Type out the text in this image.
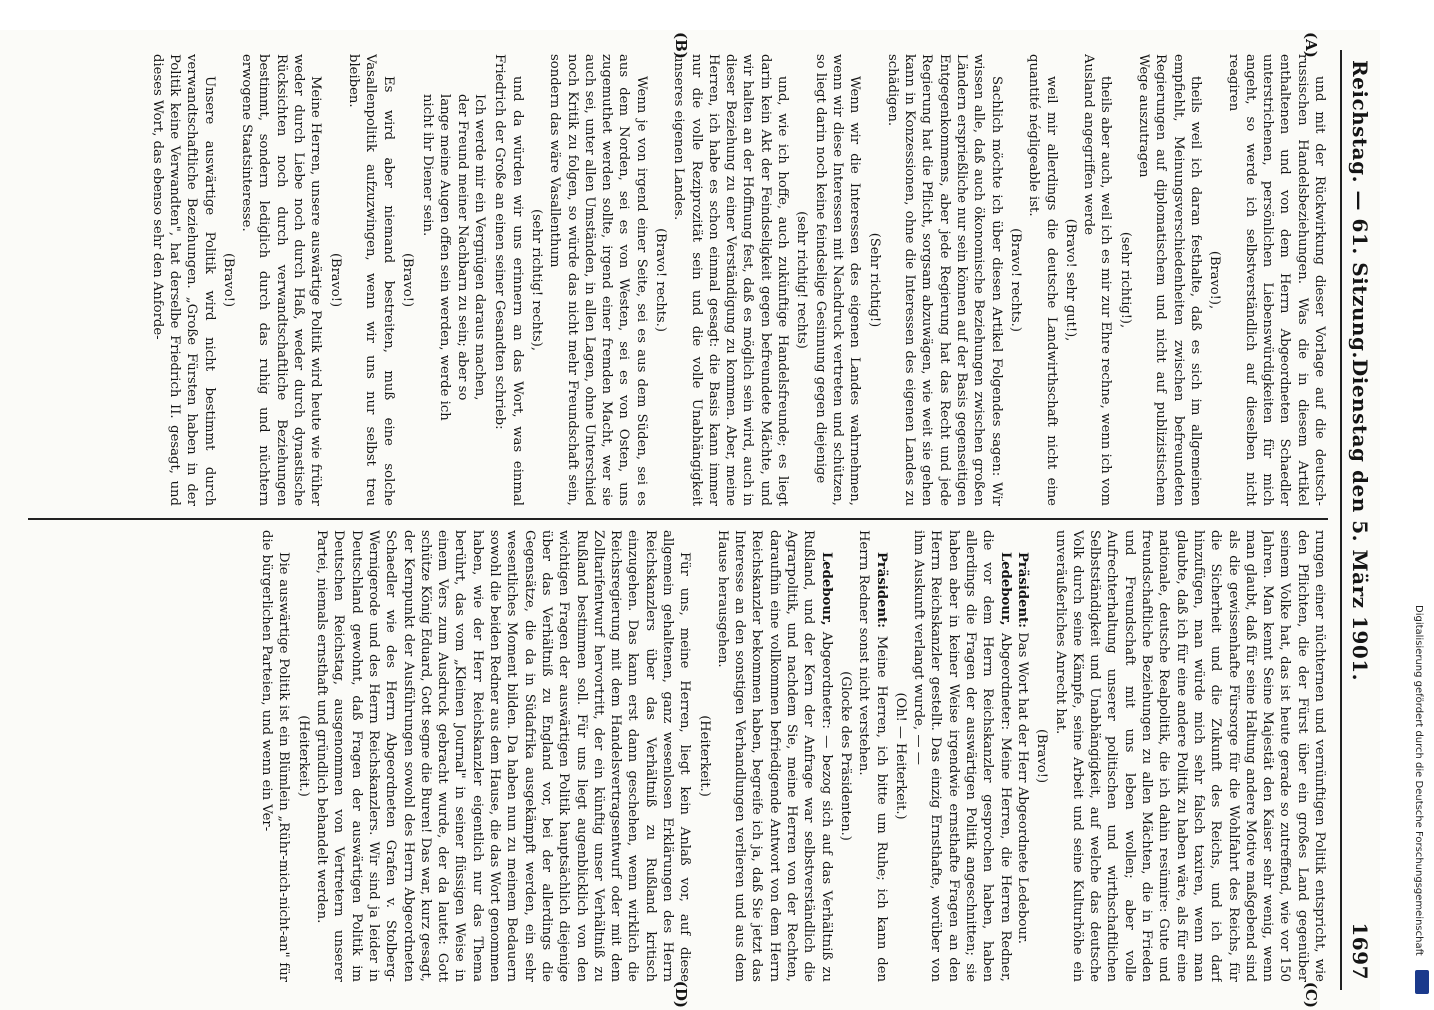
Reichstag. — 61. Sitzung.
Dienstag den 5. März 1901.
1697
(A)
(B)
(C)
(D)

und mit der Rückwirkung dieser Vorlage auf die deutsch-russischen Handelsbeziehungen. Was die in diesem Artikel enthaltenen und von dem Herrn Abgeordneten Schaedler unterstrichenen, persönlichen Liebenswürdigkeiten für mich angeht, so werde ich selbstverständlich auf dieselben nicht reagiren

(Bravo!),

theils weil ich daran festhalte, daß es sich im allgemeinen empfiehlt, Meinungsverschiedenheiten zwischen befreundeten Regierungen auf diplomatischem und nicht auf publizistischem Wege auszutragen

(sehr richtig!),

theils aber auch, weil ich es mir zur Ehre rechne, wenn ich vom Ausland angegriffen werde

(Bravo! sehr gut!),

weil mir allerdings die deutsche Landwirthschaft nicht eine quantité négligeable ist.

(Bravo! rechts.)

Sachlich möchte ich über diesen Artikel Folgendes sagen: Wir wissen alle, daß auch ökonomische Beziehungen zwischen großen Ländern ersprießliche nur sein können auf der Basis gegenseitigen Entgegenkommens, aber jede Regierung hat das Recht und jede Regierung hat die Pflicht, sorgsam abzuwägen, wie weit sie gehen kann in Konzessionen, ohne die Interessen des eigenen Landes zu schädigen.

(Sehr richtig!)

Wenn wir die Interessen des eigenen Landes wahrnehmen, wenn wir diese Interessen mit Nachdruck vertreten und schützen, so liegt darin noch keine feindselige Gesinnung gegen diejenige

(sehr richtig! rechts)

und, wie ich hoffe, auch zukünftige Handelsfreunde; es liegt darin kein Akt der Feindseligkeit gegen befreundete Mächte, und wir halten an der Hoffnung fest, daß es möglich sein wird, auch in dieser Beziehung zu einer Verständigung zu kommen. Aber, meine Herren, ich habe es schon einmal gesagt: die Basis kann immer nur die volle Reziprozität sein und die volle Unabhängigkeit unseres eigenen Landes.

(Bravo! rechts.)

Wenn je von irgend einer Seite, sei es aus dem Süden, sei es aus dem Norden, sei es von Westen, sei es von Osten, uns zugemuthet werden sollte, irgend einer fremden Macht, wer sie auch sei, unter allen Umständen, in allen Lagen, ohne Unterschied noch Kritik zu folgen, so würde das nicht mehr Freundschaft sein, sondern das wäre Vasallenthum

(sehr richtig! rechts),

und da würden wir uns erinnern an das Wort, was einmal Friedrich der Große an einen seiner Gesandten schrieb:

Ich werde mir ein Vergnügen daraus machen,
der Freund meiner Nachbarn zu sein; aber so
lange meine Augen offen sein werden, werde ich
nicht ihr Diener sein.
(Bravo!)

Es wird aber niemand bestreiten, muß eine solche Vasallenpolitik aufzuzwingen, wenn wir uns nur selbst treu bleiben.

(Bravo!)

Meine Herren, unsere auswärtige Politik wird heute wie früher weder durch Liebe noch durch Haß, weder durch dynastische Rücksichten noch durch verwandtschaftliche Beziehungen bestimmt, sondern lediglich durch das ruhig und nüchtern erwogene Staatsinteresse.

(Bravo!)

Unsere auswärtige Politik wird nicht bestimmt durch verwandtschaftliche Beziehungen. „Große Fürsten haben in der Politik keine Verwandten", hat derselbe Friedrich II. gesagt, und dieses Wort, das ebenso sehr den Anforde-

rungen einer nüchternen und vernünftigen Politik entspricht, wie den Pflichten, die der Fürst über ein großes Land gegenüber seinem Volke hat, das ist heute gerade so zutreffend, wie vor 150 Jahren. Man kennt Seine Majestät den Kaiser sehr wenig, wenn man glaubt, daß für seine Haltung andere Motive maßgebend sind als die gewissenhafte Fürsorge für die Wohlfahrt des Reichs, für die Sicherheit und die Zukunft des Reichs, und ich darf hinzufügen, man würde mich sehr falsch taxiren, wenn man glaubte, daß ich für eine andere Politik zu haben wäre, als für eine nationale, deutsche Realpolitik, die ich dahin resümire: Gute und freundschaftliche Beziehungen zu allen Mächten, die in Frieden und Freundschaft mit uns leben wollen; aber volle Aufrechterhaltung unserer politischen und wirthschaftlichen Selbstständigkeit und Unabhängigkeit, auf welche das deutsche Volk durch seine Kämpfe, seine Arbeit und seine Kulturhöhe ein unveräußerliches Anrecht hat.

(Bravo!)

Präsident: Das Wort hat der Herr Abgeordnete Ledebour.

Ledebour, Abgeordneter: Meine Herren, die Herren Redner, die vor dem Herrn Reichskanzler gesprochen haben, haben allerdings die Fragen der auswärtigen Politik angeschnitten; sie haben aber in keiner Weise irgendwie ernsthafte Fragen an den Herrn Reichskanzler gestellt. Das einzig Ernsthafte, worüber von ihm Auskunft verlangt wurde, — —

(Oh! — Heiterkeit.)

Präsident: Meine Herren, ich bitte um Ruhe; ich kann den Herrn Redner sonst nicht verstehen.

(Glocke des Präsidenten.)

Ledebour, Abgeordneter: — bezog sich auf das Verhältniß zu Rußland, und der Kern der Anfrage war selbstverständlich die Agrarpolitik, und nachdem Sie, meine Herren von der Rechten, daraufhin eine vollkommen befriedigende Antwort von dem Herrn Reichskanzler bekommen haben, begreife ich ja, daß Sie jetzt das Interesse an den sonstigen Verhandlungen verlieren und aus dem Hause herausgehen.

(Heiterkeit.)

Für uns, meine Herren, liegt kein Anlaß vor, auf diese allgemein gehaltenen, ganz wesenlosen Erklärungen des Herrn Reichskanzlers über das Verhältniß zu Rußland kritisch einzugehen. Das kann erst dann geschehen, wenn wirklich die Reichsregierung mit dem Handelsvertragsentwurf oder mit dem Zolltarifentwurf hervortritt, der ein künftig unser Verhältniß zu Rußland bestimmen soll. Für uns liegt augenblicklich von den wichtigen Fragen der auswärtigen Politik hauptsächlich diejenige über das Verhältniß zu England vor, bei der allerdings die Gegensätze, die da in Südafrika ausgekämpft werden, ein sehr wesentliches Moment bilden. Da haben nun zu meinem Bedauern sowohl die beiden Redner aus dem Hause, die das Wort genommen haben, wie der Herr Reichskanzler eigentlich nur das Thema berührt, das vom „Kleinen Journal" in seiner flüssigen Weise in einem Vers zum Ausdruck gebracht wurde, der da lautet: Gott schütze König Eduard, Gott segne die Buren! Das war, kurz gesagt, der Kernpunkt der Ausführungen sowohl des Herrn Abgeordneten Schaedler wie des Herrn Abgeordneten Grafen v. Stolberg-Wernigerode und des Herrn Reichskanzlers. Wir sind ja leider in Deutschland gewohnt, daß Fragen der auswärtigen Politik im Deutschen Reichstag, ausgenommen von Vertretern unserer Partei, niemals ernsthaft und gründlich behandelt werden.

(Heiterkeit.)

Die auswärtige Politik ist ein Blümlein „Rühr-mich-nicht-an" für die bürgerlichen Parteien, und wenn ein Ver-	Digitalisierung gefördert durch die Deutsche Forschungsgemeinschaft
